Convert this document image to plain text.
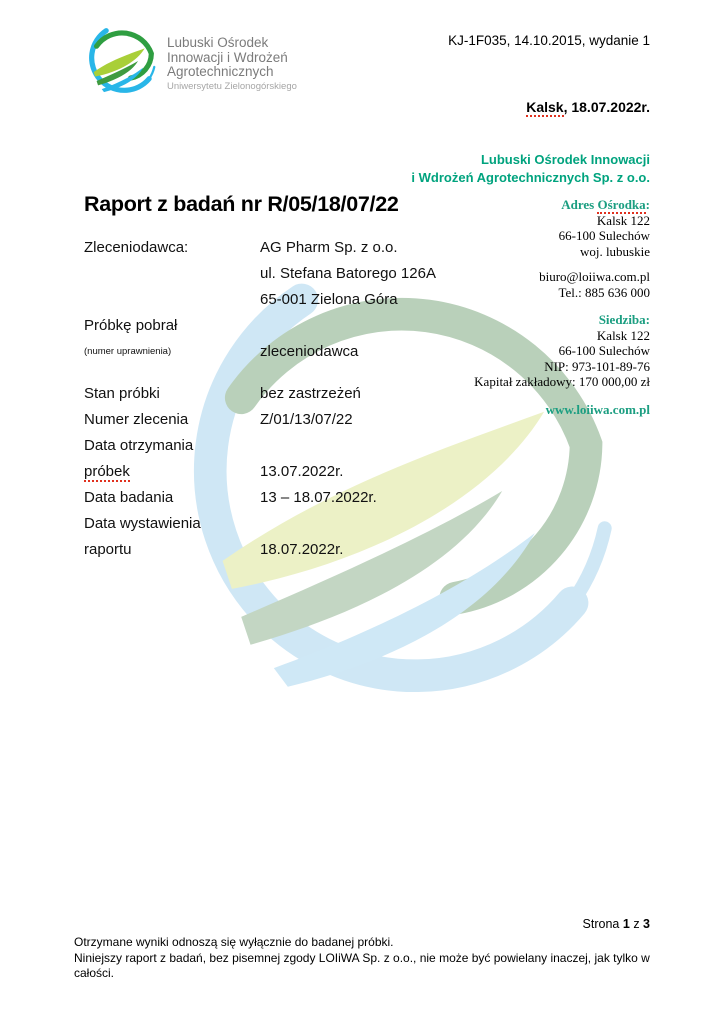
Lubuski Ośrodek
Innowacji i Wdrożeń
Agrotechnicznych
Uniwersytetu Zielonogórskiego
KJ-1F035, 14.10.2015, wydanie 1
Kalsk, 18.07.2022r.
Lubuski Ośrodek Innowacji
i Wdrożeń Agrotechnicznych Sp. z o.o.
Adres Ośrodka:
Kalsk 122
66-100 Sulechów
woj. lubuskie
biuro@loiiwa.com.pl
Tel.: 885 636 000
Siedziba:
Kalsk 122
66-100 Sulechów
NIP: 973-101-89-76
Kapitał zakładowy: 170 000,00 zł
www.loiiwa.com.pl
Raport z badań nr R/05/18/07/22
Zleceniodawca:	AG Pharm Sp. z o.o.
ul. Stefana Batorego 126A
65-001 Zielona Góra
Próbkę pobrał
(numer uprawnienia)	zleceniodawca
Stan próbki	bez zastrzeżeń
Numer zlecenia	Z/01/13/07/22
Data otrzymania
próbek	13.07.2022r.
Data badania	13 – 18.07.2022r.
Data wystawienia
raportu	18.07.2022r.
Strona 1 z 3
Otrzymane wyniki odnoszą się wyłącznie do badanej próbki.
Niniejszy raport z badań, bez pisemnej zgody LOIiWA Sp. z o.o., nie może być powielany inaczej, jak tylko w całości.
